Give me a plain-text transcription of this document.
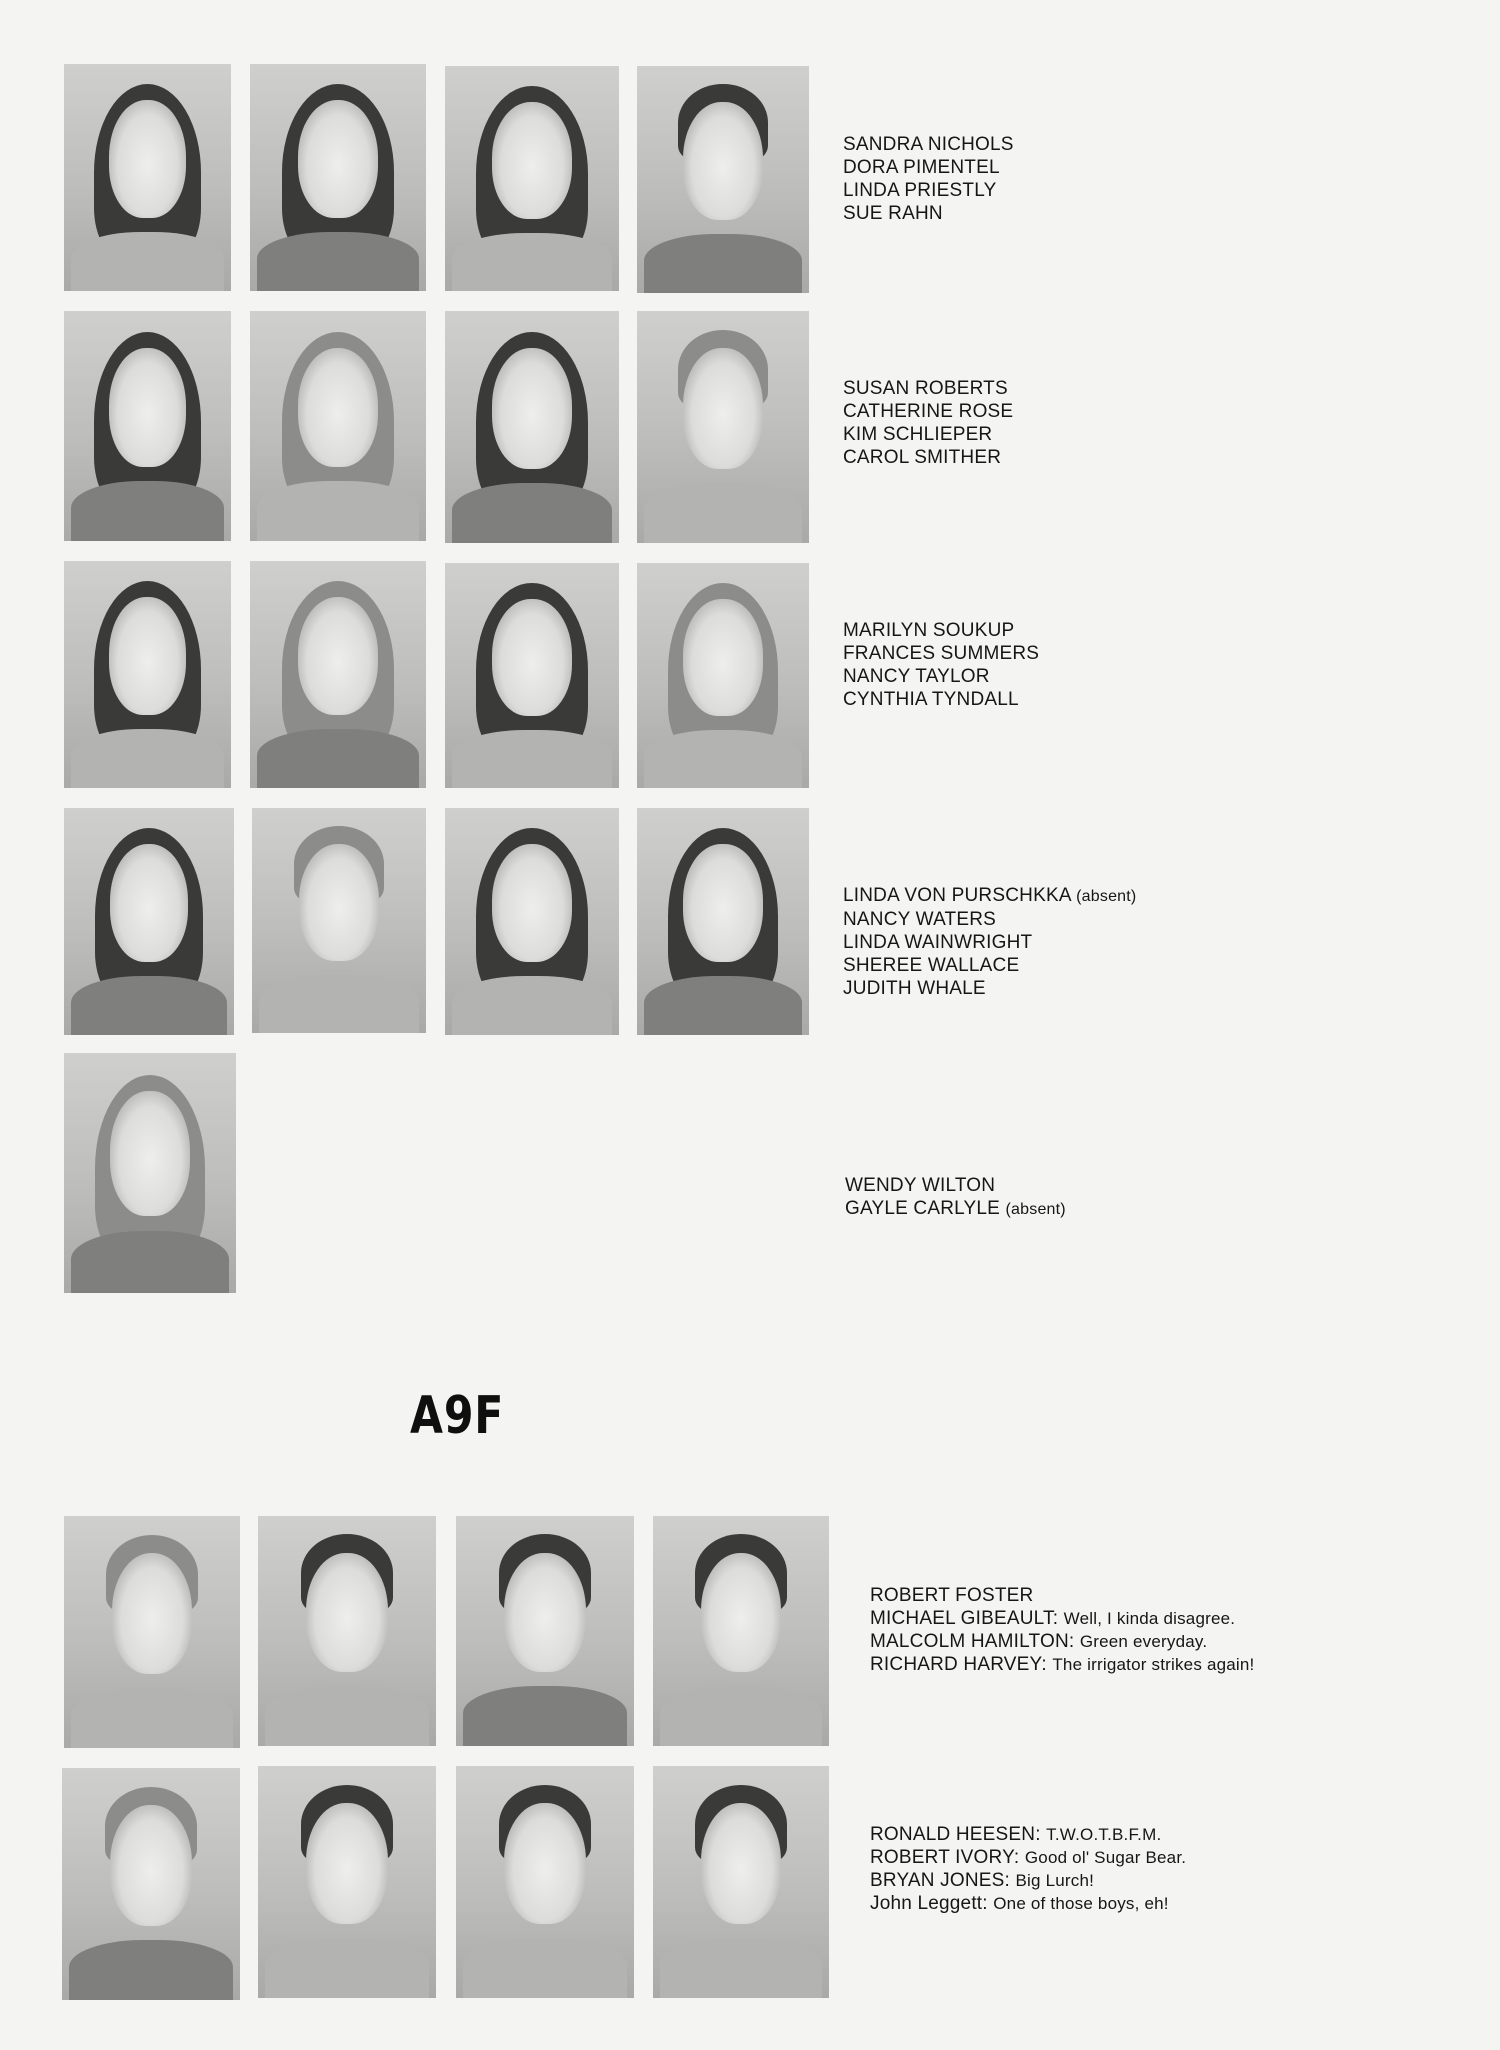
SANDRA NICHOLS
DORA PIMENTEL
LINDA PRIESTLY
SUE RAHN
SUSAN ROBERTS
CATHERINE ROSE
KIM SCHLIEPER
CAROL SMITHER
MARILYN SOUKUP
FRANCES SUMMERS
NANCY TAYLOR
CYNTHIA TYNDALL
LINDA VON PURSCHKKA (absent)
NANCY WATERS
LINDA WAINWRIGHT
SHEREE WALLACE
JUDITH WHALE
WENDY WILTON
GAYLE CARLYLE (absent)
A9F
ROBERT FOSTER
MICHAEL GIBEAULT: Well, I kinda disagree.
MALCOLM HAMILTON: Green everyday.
RICHARD HARVEY: The irrigator strikes again!
RONALD HEESEN: T.W.O.T.B.F.M.
ROBERT IVORY: Good ol' Sugar Bear.
BRYAN JONES: Big Lurch!
John Leggett: One of those boys, eh!
